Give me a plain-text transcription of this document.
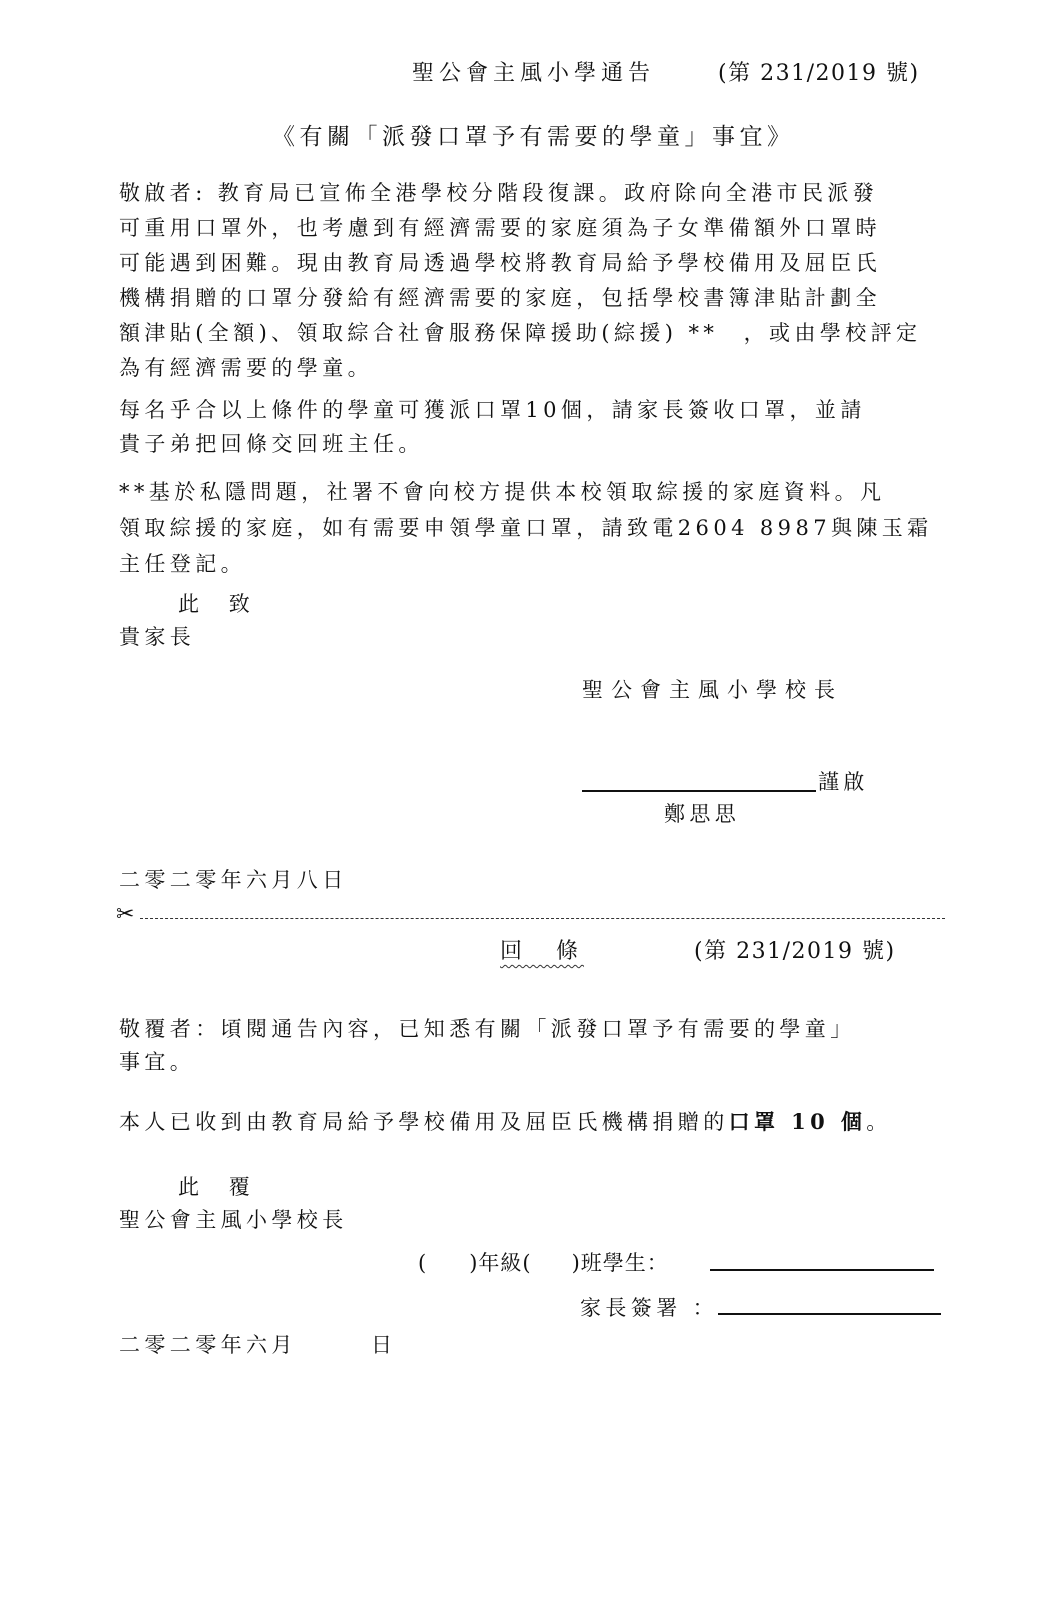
聖公會主風小學通告	(第 231/2019 號)
《有關「派發口罩予有需要的學童」事宜》
敬啟者: 教育局已宣佈全港學校分階段復課。政府除向全港市民派發
可重用口罩外，也考慮到有經濟需要的家庭須為子女準備額外口罩時
可能遇到困難。現由教育局透過學校將教育局給予學校備用及屈臣氏
機構捐贈的口罩分發給有經濟需要的家庭，包括學校書簿津貼計劃全
額津貼(全額)、領取綜合社會服務保障援助(綜援) **　，或由學校評定
為有經濟需要的學童。
每名乎合以上條件的學童可獲派口罩10個，請家長簽收口罩，並請
貴子弟把回條交回班主任。
**基於私隱問題，社署不會向校方提供本校領取綜援的家庭資料。凡
領取綜援的家庭，如有需要申領學童口罩，請致電2604 8987與陳玉霜
主任登記。
此　致
貴家長
聖公會主風小學校長
謹啟
鄭思思
二零二零年六月八日
✂
回　條	(第 231/2019 號)
敬覆者：頃閱通告內容，已知悉有關「派發口罩予有需要的學童」
事宜。
本人已收到由教育局給予學校備用及屈臣氏機構捐贈的口罩 10 個。
此　覆
聖公會主風小學校長
( )年級( )班學生：
家長簽署 ：
二零二零年六月	日
